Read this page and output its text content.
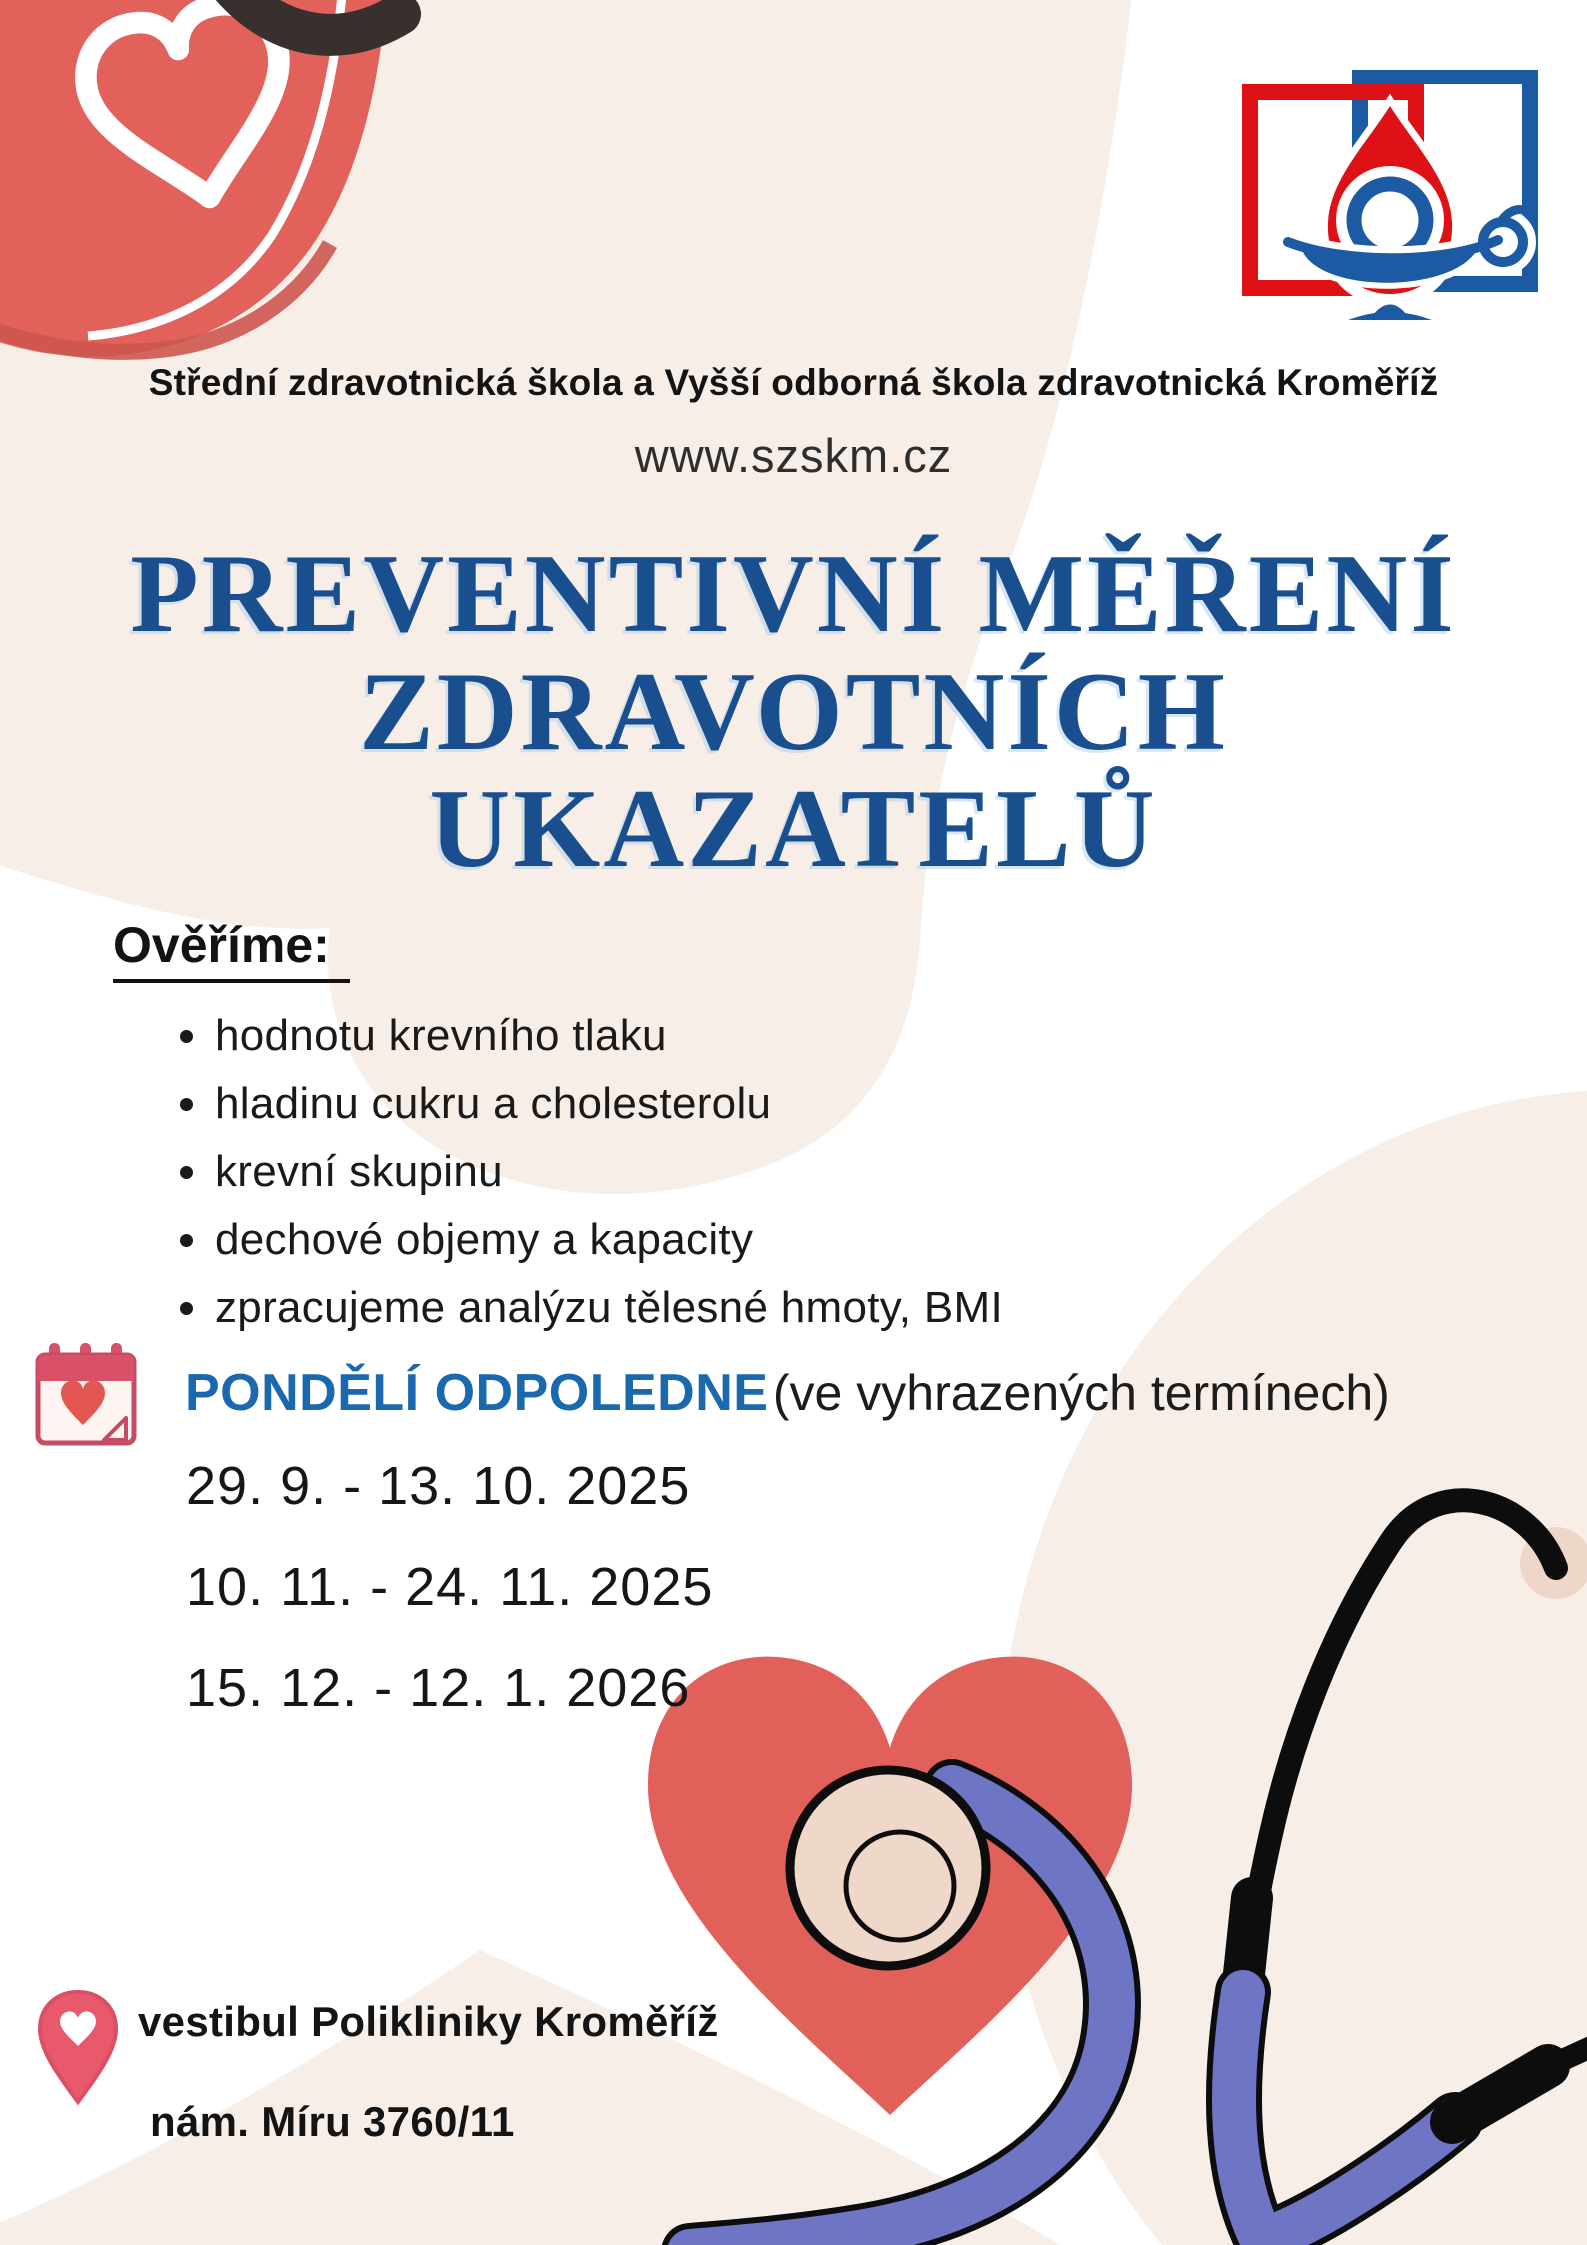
Střední zdravotnická škola a Vyšší odborná škola zdravotnická Kroměříž
www.szskm.cz
PREVENTIVNÍ MĚŘENÍ
ZDRAVOTNÍCH
UKAZATELŮ
Ověříme:
hodnotu krevního tlaku
hladinu cukru a cholesterolu
krevní skupinu
dechové objemy a kapacity
zpracujeme analýzu tělesné hmoty, BMI
PONDĚLÍ ODPOLEDNE (ve vyhrazených termínech)
29. 9. - 13. 10. 2025
10. 11. - 24. 11. 2025
15. 12. - 12. 1. 2026
vestibul Polikliniky Kroměříž
nám. Míru 3760/11
